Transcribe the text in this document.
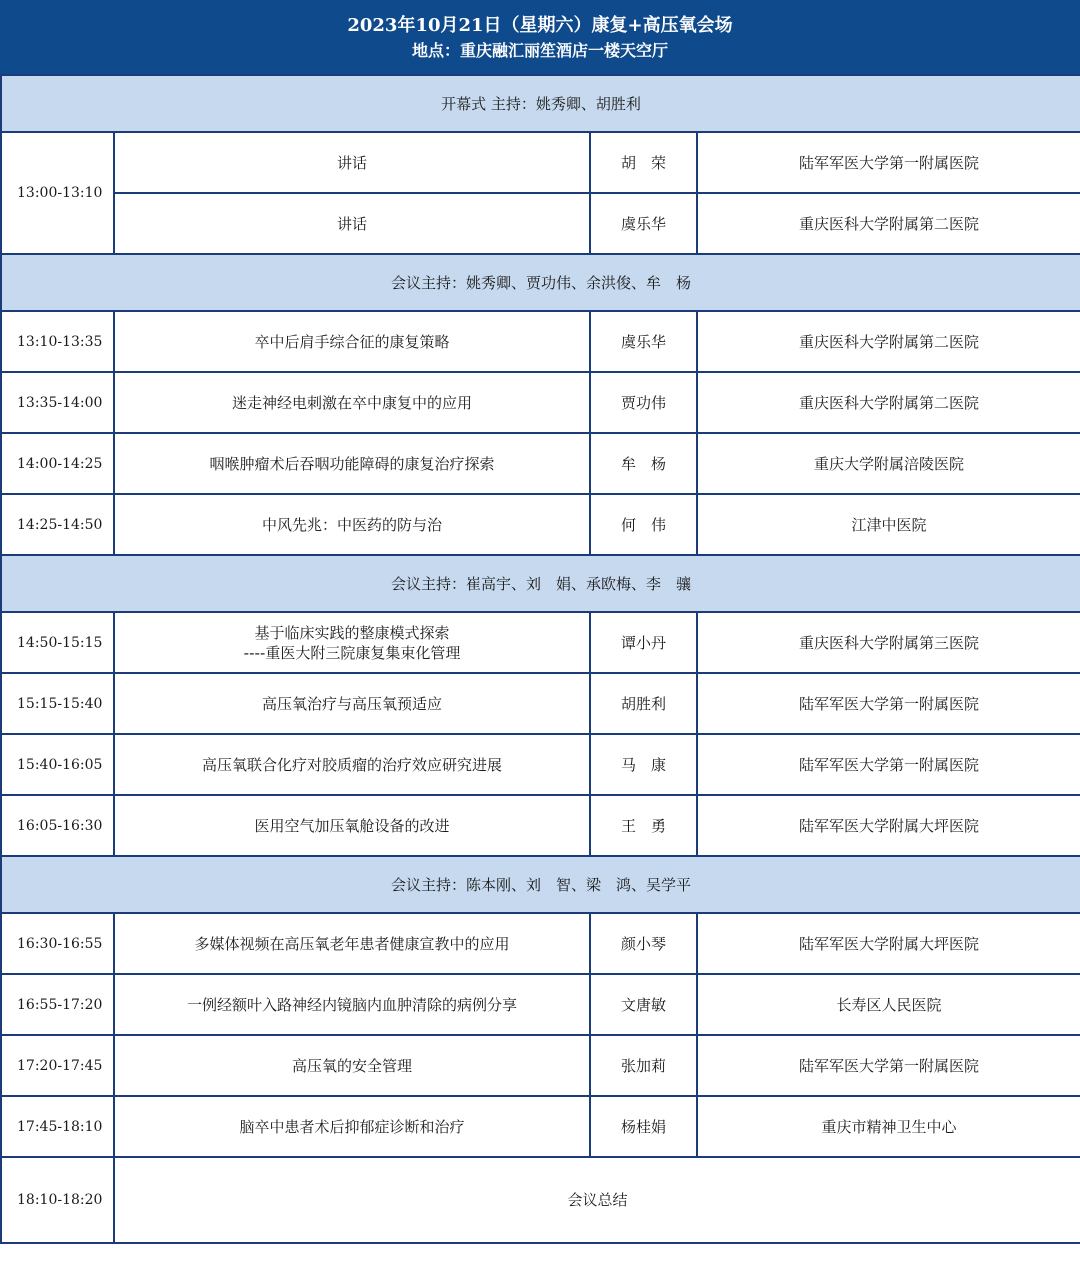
2023年10月21日（星期六）康复+高压氧会场
地点：重庆融汇丽笙酒店一楼天空厅
开幕式 主持：姚秀卿、胡胜利			
13:00-13:10	讲话	胡　荣	陆军军医大学第一附属医院
	讲话	虞乐华	重庆医科大学附属第二医院
会议主持：姚秀卿、贾功伟、余洪俊、牟　杨			
13:10-13:35	卒中后肩手综合征的康复策略	虞乐华	重庆医科大学附属第二医院
13:35-14:00	迷走神经电刺激在卒中康复中的应用	贾功伟	重庆医科大学附属第二医院
14:00-14:25	咽喉肿瘤术后吞咽功能障碍的康复治疗探索	牟　杨	重庆大学附属涪陵医院
14:25-14:50	中风先兆：中医药的防与治	何　伟	江津中医院
会议主持：崔高宇、刘　娟、承欧梅、李　骧			
14:50-15:15	基于临床实践的整康模式探索
----重医大附三院康复集束化管理	谭小丹	重庆医科大学附属第三医院
15:15-15:40	高压氧治疗与高压氧预适应	胡胜利	陆军军医大学第一附属医院
15:40-16:05	高压氧联合化疗对胶质瘤的治疗效应研究进展	马　康	陆军军医大学第一附属医院
16:05-16:30	医用空气加压氧舱设备的改进	王　勇	陆军军医大学附属大坪医院
会议主持：陈本刚、刘　智、梁　鸿、吴学平			
16:30-16:55	多媒体视频在高压氧老年患者健康宣教中的应用	颜小琴	陆军军医大学附属大坪医院
16:55-17:20	一例经额叶入路神经内镜脑内血肿清除的病例分享	文唐敏	长寿区人民医院
17:20-17:45	高压氧的安全管理	张加莉	陆军军医大学第一附属医院
17:45-18:10	脑卒中患者术后抑郁症诊断和治疗	杨桂娟	重庆市精神卫生中心
18:10-18:20	会议总结		
